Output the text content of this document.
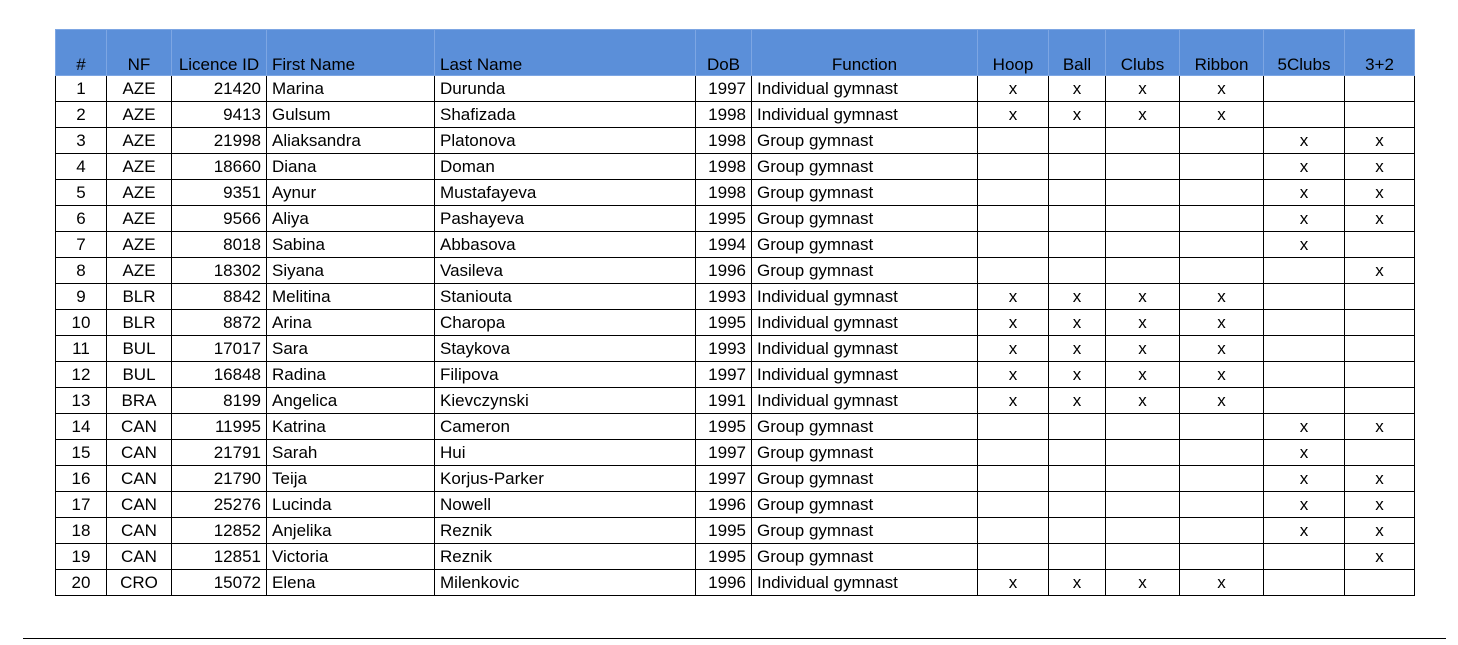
#	NF	Licence ID	First Name	Last Name	DoB	Function	Hoop	Ball	Clubs	Ribbon	5Clubs	3+2
1	AZE	21420	Marina	Durunda	1997	Individual gymnast	x	x	x	x		
2	AZE	9413	Gulsum	Shafizada	1998	Individual gymnast	x	x	x	x		
3	AZE	21998	Aliaksandra	Platonova	1998	Group gymnast					x	x
4	AZE	18660	Diana	Doman	1998	Group gymnast					x	x
5	AZE	9351	Aynur	Mustafayeva	1998	Group gymnast					x	x
6	AZE	9566	Aliya	Pashayeva	1995	Group gymnast					x	x
7	AZE	8018	Sabina	Abbasova	1994	Group gymnast					x	
8	AZE	18302	Siyana	Vasileva	1996	Group gymnast						x
9	BLR	8842	Melitina	Staniouta	1993	Individual gymnast	x	x	x	x		
10	BLR	8872	Arina	Charopa	1995	Individual gymnast	x	x	x	x		
11	BUL	17017	Sara	Staykova	1993	Individual gymnast	x	x	x	x		
12	BUL	16848	Radina	Filipova	1997	Individual gymnast	x	x	x	x		
13	BRA	8199	Angelica	Kievczynski	1991	Individual gymnast	x	x	x	x		
14	CAN	11995	Katrina	Cameron	1995	Group gymnast					x	x
15	CAN	21791	Sarah	Hui	1997	Group gymnast					x	
16	CAN	21790	Teija	Korjus-Parker	1997	Group gymnast					x	x
17	CAN	25276	Lucinda	Nowell	1996	Group gymnast					x	x
18	CAN	12852	Anjelika	Reznik	1995	Group gymnast					x	x
19	CAN	12851	Victoria	Reznik	1995	Group gymnast						x
20	CRO	15072	Elena	Milenkovic	1996	Individual gymnast	x	x	x	x		
